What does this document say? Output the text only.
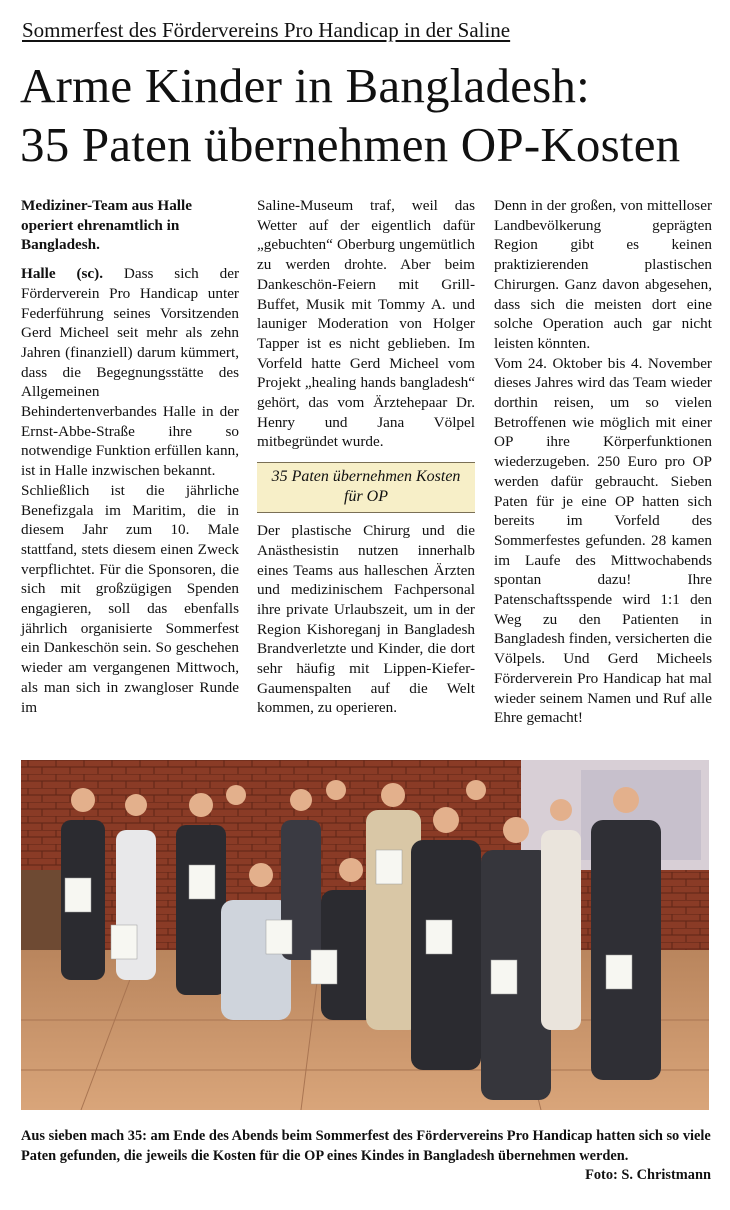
Sommerfest des Fördervereins Pro Handicap in der Saline
Arme Kinder in Bangladesh:
35 Paten übernehmen OP-Kosten

Mediziner-Team aus Halle operiert ehrenamtlich in Bangladesh.

Halle (sc). Dass sich der Förderverein Pro Handicap unter Federführung seines Vorsitzenden Gerd Micheel seit mehr als zehn Jahren (finanziell) darum kümmert, dass die Begegnungsstätte des Allgemeinen Behindertenverbandes Halle in der Ernst-Abbe-Straße ihre so notwendige Funktion erfüllen kann, ist in Halle inzwischen bekannt.

Schließlich ist die jährliche Benefizgala im Maritim, die in diesem Jahr zum 10. Male stattfand, stets diesem einen Zweck verpflichtet. Für die Sponsoren, die sich mit großzügigen Spenden engagieren, soll das ebenfalls jährlich organisierte Sommerfest ein Dankeschön sein. So geschehen wieder am vergangenen Mittwoch, als man sich in zwangloser Runde im

Saline-Museum traf, weil das Wetter auf der eigentlich dafür „gebuchten“ Oberburg ungemütlich zu werden drohte. Aber beim Dankeschön-Feiern mit Grill-Buffet, Musik mit Tommy A. und launiger Moderation von Holger Tapper ist es nicht geblieben. Im Vorfeld hatte Gerd Micheel vom Projekt „healing hands bangladesh“ gehört, das vom Ärztehepaar Dr. Henry und Jana Völpel mitbegründet wurde.

35 Paten übernehmen Kosten für OP

Der plastische Chirurg und die Anästhesistin nutzen innerhalb eines Teams aus halleschen Ärzten und medizinischem Fachpersonal ihre private Urlaubszeit, um in der Region Kishoreganj in Bangladesh Brandverletzte und Kinder, die dort sehr häufig mit Lippen-Kiefer-Gaumenspalten auf die Welt kommen, zu operieren.

Denn in der großen, von mittelloser Landbevölkerung geprägten Region gibt es keinen praktizierenden plastischen Chirurgen. Ganz davon abgesehen, dass sich die meisten dort eine solche Operation auch gar nicht leisten könnten.

Vom 24. Oktober bis 4. November dieses Jahres wird das Team wieder dorthin reisen, um so vielen Betroffenen wie möglich mit einer OP ihre Körperfunktionen wiederzugeben. 250 Euro pro OP werden dafür gebraucht. Sieben Paten für je eine OP hatten sich bereits im Vorfeld des Sommerfestes gefunden. 28 kamen im Laufe des Mittwochabends spontan dazu! Ihre Patenschaftsspende wird 1:1 den Weg zu den Patienten in Bangladesh finden, versicherten die Völpels. Und Gerd Micheels Förderverein Pro Handicap hat mal wieder seinem Namen und Ruf alle Ehre gemacht!

Aus sieben mach 35: am Ende des Abends beim Sommerfest des Fördervereins Pro Handicap hatten sich so viele Paten gefunden, die jeweils die Kosten für die OP eines Kindes in Bangladesh übernehmen werden.
Foto: S. Christmann
